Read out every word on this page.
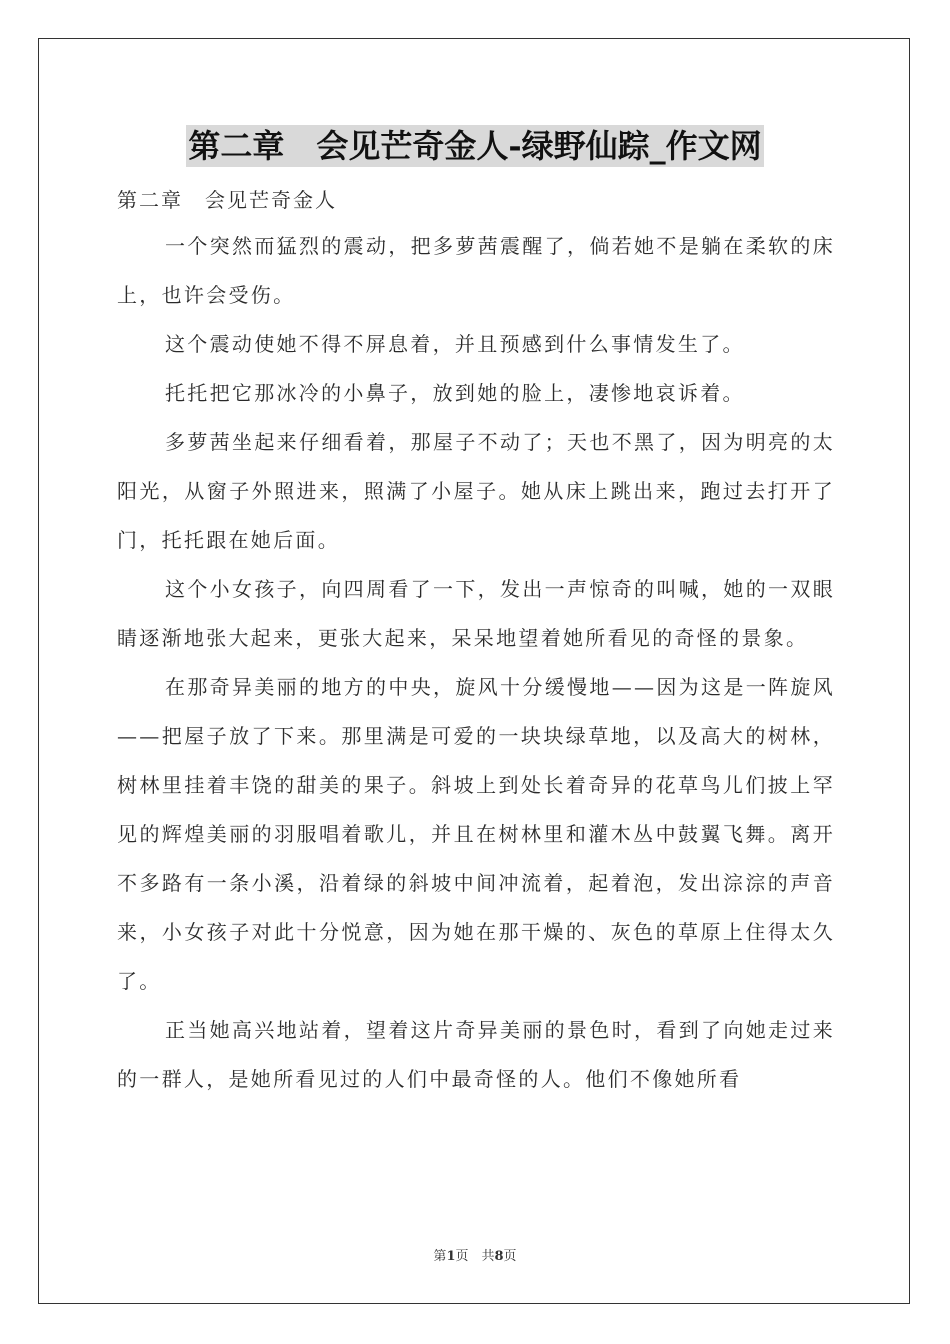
第二章　会见芒奇金人-绿野仙踪_作文网

第二章　会见芒奇金人

一个突然而猛烈的震动，把多萝茜震醒了，倘若她不是躺在柔软的床上，也许会受伤。

这个震动使她不得不屏息着，并且预感到什么事情发生了。

托托把它那冰冷的小鼻子，放到她的脸上，凄惨地哀诉着。

多萝茜坐起来仔细看着，那屋子不动了；天也不黑了，因为明亮的太阳光，从窗子外照进来，照满了小屋子。她从床上跳出来，跑过去打开了门，托托跟在她后面。

这个小女孩子，向四周看了一下，发出一声惊奇的叫喊，她的一双眼睛逐渐地张大起来，更张大起来，呆呆地望着她所看见的奇怪的景象。

在那奇异美丽的地方的中央，旋风十分缓慢地——因为这是一阵旋风——把屋子放了下来。那里满是可爱的一块块绿草地，以及高大的树林，树林里挂着丰饶的甜美的果子。斜坡上到处长着奇异的花草鸟儿们披上罕见的辉煌美丽的羽服唱着歌儿，并且在树林里和灌木丛中鼓翼飞舞。离开不多路有一条小溪，沿着绿的斜坡中间冲流着，起着泡，发出淙淙的声音来，小女孩子对此十分悦意，因为她在那干燥的、灰色的草原上住得太久了。

正当她高兴地站着，望着这片奇异美丽的景色时，看到了向她走过来的一群人，是她所看见过的人们中最奇怪的人。他们不像她所看

第1页　共8页
